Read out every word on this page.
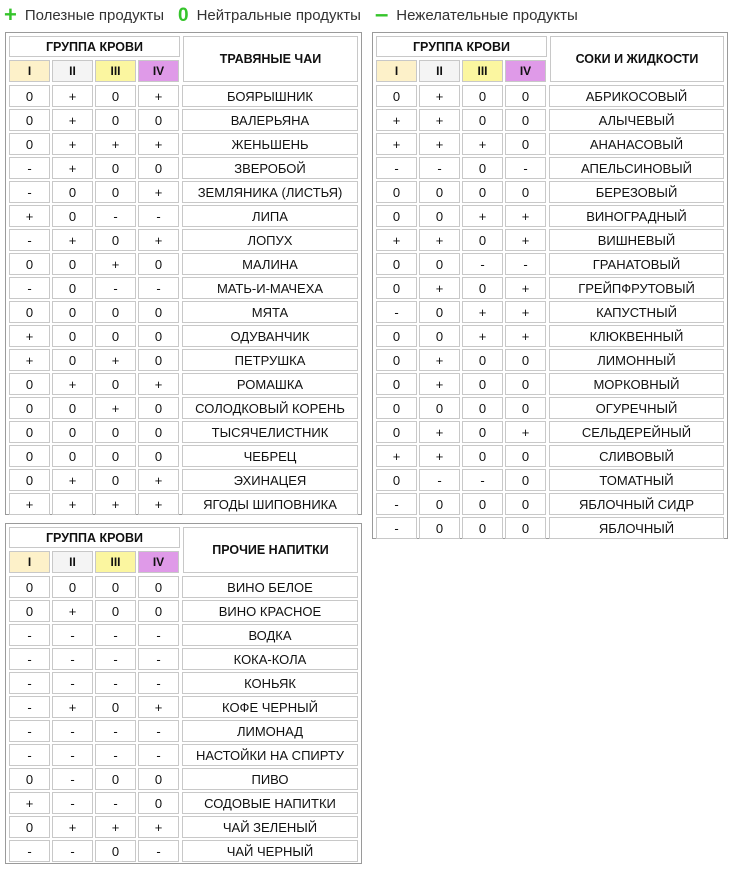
+ Полезные продукты 0 Нейтральные продукты – Нежелательные продукты
ГРУППА КРОВИ
I	II	III	IV
ТРАВЯНЫЕ ЧАИ
0	+	0	+	БОЯРЫШНИК
0	+	0	0	ВАЛЕРЬЯНА
0	+	+	+	ЖЕНЬШЕНЬ
-	+	0	0	ЗВЕРОБОЙ
-	0	0	+	ЗЕМЛЯНИКА (ЛИСТЬЯ)
+	0	-	-	ЛИПА
-	+	0	+	ЛОПУХ
0	0	+	0	МАЛИНА
-	0	-	-	МАТЬ-И-МАЧЕХА
0	0	0	0	МЯТА
+	0	0	0	ОДУВАНЧИК
+	0	+	0	ПЕТРУШКА
0	+	0	+	РОМАШКА
0	0	+	0	СОЛОДКОВЫЙ КОРЕНЬ
0	0	0	0	ТЫСЯЧЕЛИСТНИК
0	0	0	0	ЧЕБРЕЦ
0	+	0	+	ЭХИНАЦЕЯ
+	+	+	+	ЯГОДЫ ШИПОВНИКА
ГРУППА КРОВИ
I	II	III	IV
СОКИ И ЖИДКОСТИ
0	+	0	0	АБРИКОСОВЫЙ
+	+	0	0	АЛЫЧЕВЫЙ
+	+	+	0	АНАНАСОВЫЙ
-	-	0	-	АПЕЛЬСИНОВЫЙ
0	0	0	0	БЕРЕЗОВЫЙ
0	0	+	+	ВИНОГРАДНЫЙ
+	+	0	+	ВИШНЕВЫЙ
0	0	-	-	ГРАНАТОВЫЙ
0	+	0	+	ГРЕЙПФРУТОВЫЙ
-	0	+	+	КАПУСТНЫЙ
0	0	+	+	КЛЮКВЕННЫЙ
0	+	0	0	ЛИМОННЫЙ
0	+	0	0	МОРКОВНЫЙ
0	0	0	0	ОГУРЕЧНЫЙ
0	+	0	+	СЕЛЬДЕРЕЙНЫЙ
+	+	0	0	СЛИВОВЫЙ
0	-	-	0	ТОМАТНЫЙ
-	0	0	0	ЯБЛОЧНЫЙ СИДР
-	0	0	0	ЯБЛОЧНЫЙ
ГРУППА КРОВИ
I	II	III	IV
ПРОЧИЕ НАПИТКИ
0	0	0	0	ВИНО БЕЛОЕ
0	+	0	0	ВИНО КРАСНОЕ
-	-	-	-	ВОДКА
-	-	-	-	КОКА-КОЛА
-	-	-	-	КОНЬЯК
-	+	0	+	КОФЕ ЧЕРНЫЙ
-	-	-	-	ЛИМОНАД
-	-	-	-	НАСТОЙКИ НА СПИРТУ
0	-	0	0	ПИВО
+	-	-	0	СОДОВЫЕ НАПИТКИ
0	+	+	+	ЧАЙ ЗЕЛЕНЫЙ
-	-	0	-	ЧАЙ ЧЕРНЫЙ
